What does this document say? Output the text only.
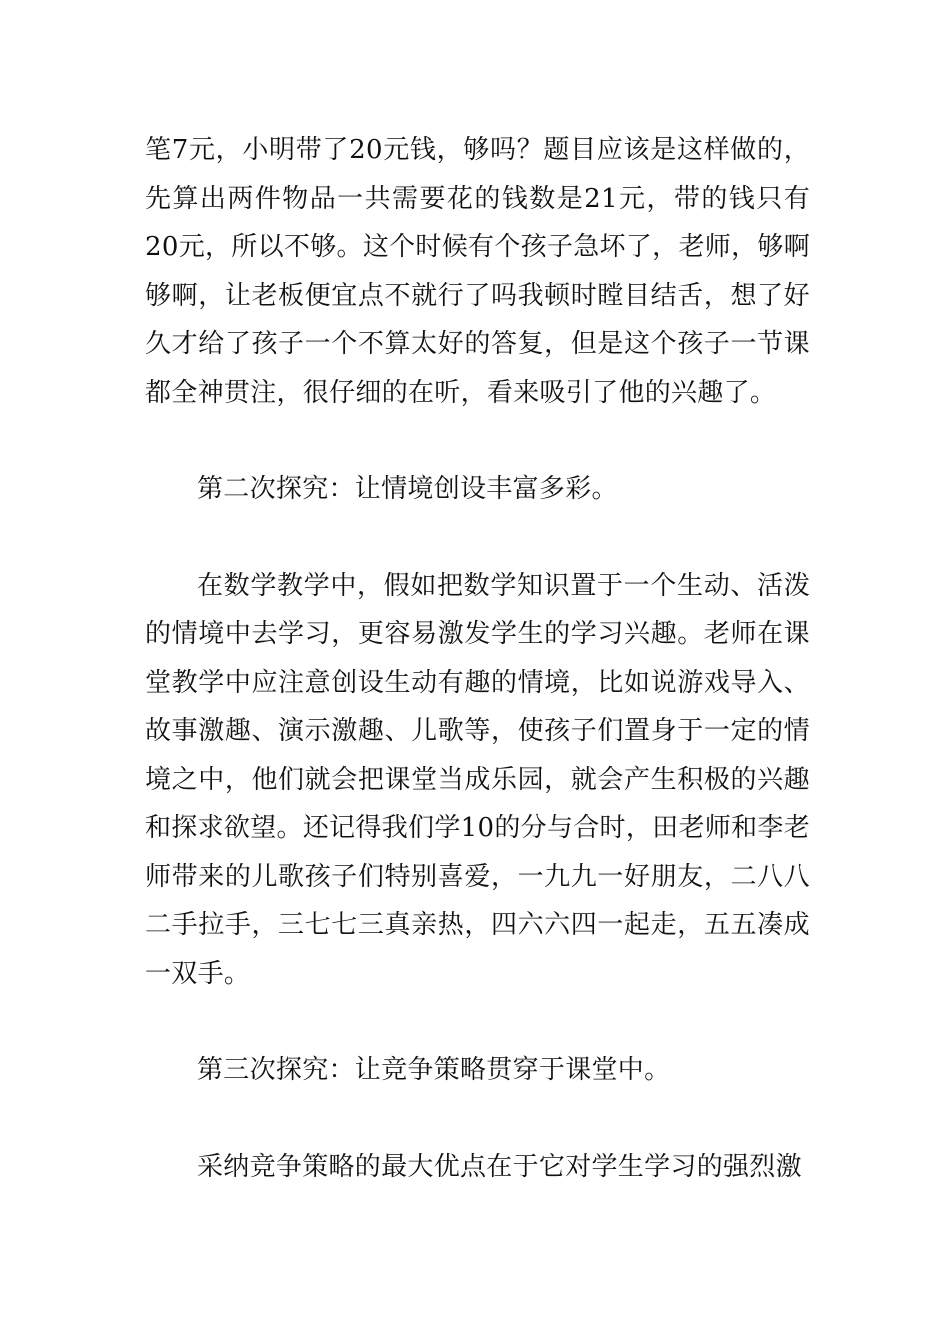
笔7元，小明带了20元钱，够吗？题目应该是这样做的，先算出两件物品一共需要花的钱数是21元，带的钱只有20元，所以不够。这个时候有个孩子急坏了，老师，够啊够啊，让老板便宜点不就行了吗我顿时瞠目结舌，想了好久才给了孩子一个不算太好的答复，但是这个孩子一节课都全神贯注，很仔细的在听，看来吸引了他的兴趣了。

第二次探究：让情境创设丰富多彩。

在数学教学中，假如把数学知识置于一个生动、活泼的情境中去学习，更容易激发学生的学习兴趣。老师在课堂教学中应注意创设生动有趣的情境，比如说游戏导入、故事激趣、演示激趣、儿歌等，使孩子们置身于一定的情境之中，他们就会把课堂当成乐园，就会产生积极的兴趣和探求欲望。还记得我们学10的分与合时，田老师和李老师带来的儿歌孩子们特别喜爱，一九九一好朋友，二八八二手拉手，三七七三真亲热，四六六四一起走，五五凑成一双手。

第三次探究：让竞争策略贯穿于课堂中。

采纳竞争策略的最大优点在于它对学生学习的强烈激
